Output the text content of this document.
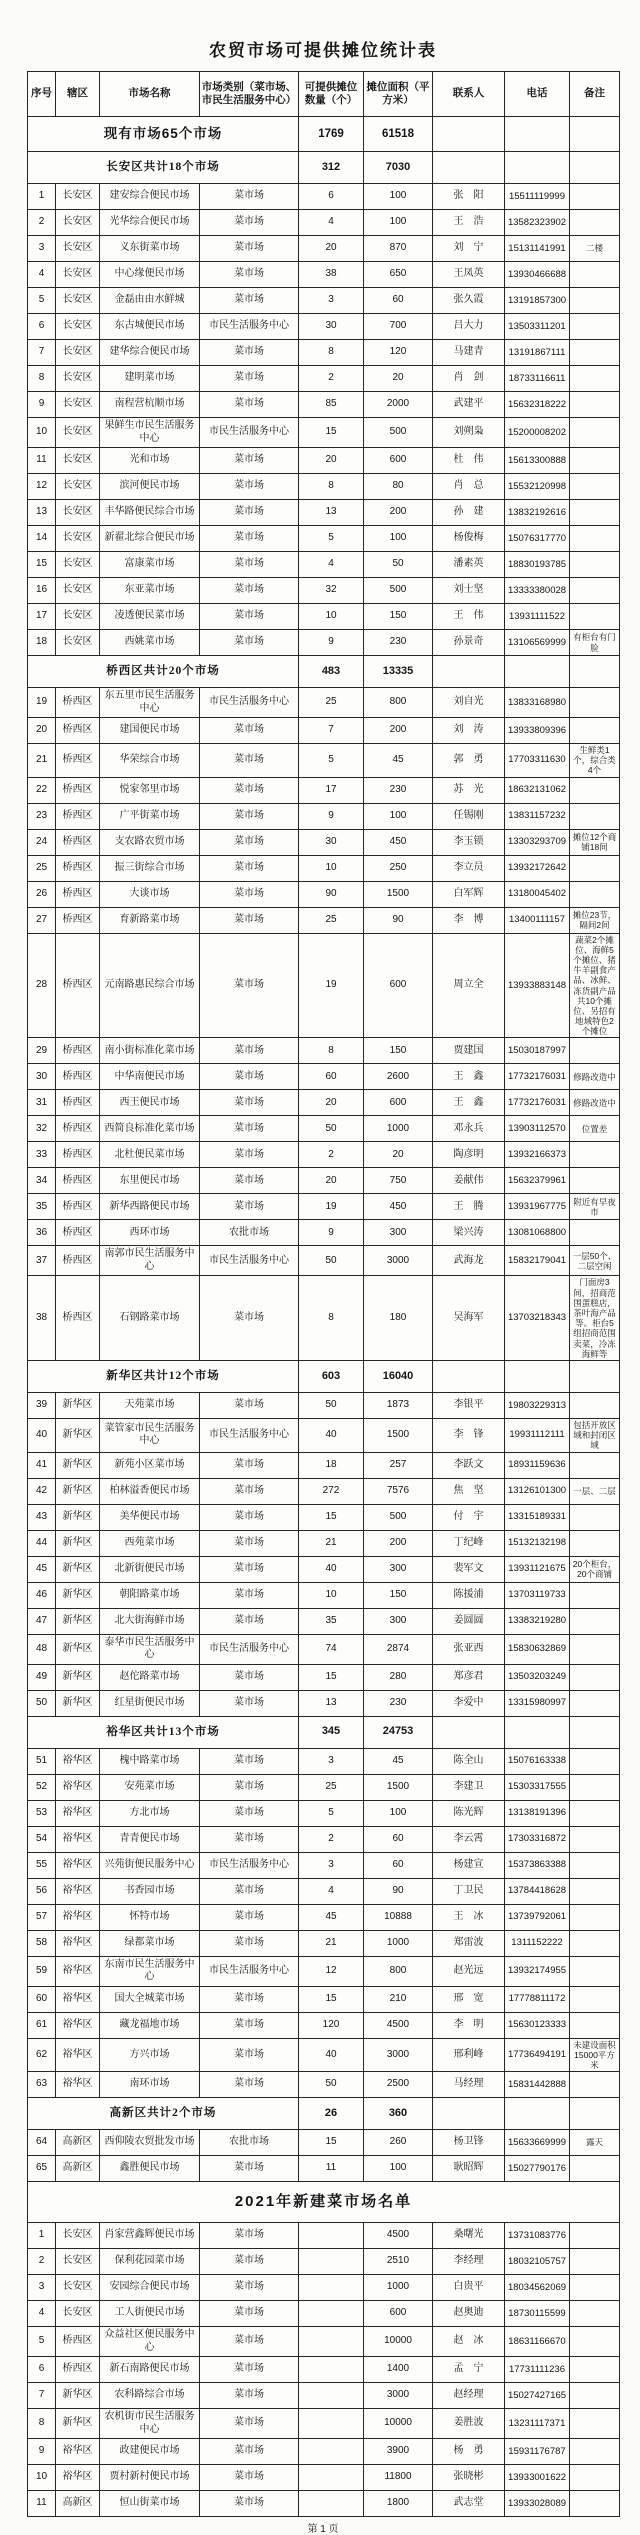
农贸市场可提供摊位统计表
序号	辖区	市场名称	市场类别（菜市场、市民生活服务中心）	可提供摊位数量（个）	摊位面积（平方米）	联系人	电话	备注
现有市场65个市场				1769	61518			
长安区共计18个市场				312	7030			
1	长安区	建安综合便民市场	菜市场	6	100	张　阳	15511119999	
2	长安区	光华综合便民市场	菜市场	4	100	王　浩	13582323902	
3	长安区	义东街菜市场	菜市场	20	870	刘　宁	15131141991	二楼
4	长安区	中心缘便民市场	菜市场	38	650	王凤英	13930466688	
5	长安区	金磊由由水鲜城	菜市场	3	60	张久霞	13191857300	
6	长安区	东古城便民市场	市民生活服务中心	30	700	吕大力	13503311201	
7	长安区	建华综合便民市场	菜市场	8	120	马建青	13191867111	
8	长安区	建明菜市场	菜市场	2	20	肖　剑	18733116611	
9	长安区	南程营杭顺市场	菜市场	85	2000	武建平	15632318222	
10	长安区	果鲜生市民生活服务中心	市民生活服务中心	15	500	刘朔枭	15200008202	
11	长安区	光和市场	菜市场	20	600	杜　伟	15613300888	
12	长安区	滨河便民市场	菜市场	8	80	肖　总	15532120998	
13	长安区	丰华路便民综合市场	菜市场	13	200	孙　建	13832192616	
14	长安区	新翟北综合便民市场	菜市场	5	100	杨俊梅	15076317770	
15	长安区	富康菜市场	菜市场	4	50	潘素英	18830193785	
16	长安区	东亚菜市场	菜市场	32	500	刘士坚	13333380028	
17	长安区	凌透便民菜市场	菜市场	10	150	王　伟	13931111522	
18	长安区	西姚菜市场	菜市场	9	230	孙景奇	13106569999	有柜台有门脸
桥西区共计20个市场				483	13335			
19	桥西区	东五里市民生活服务中心	市民生活服务中心	25	800	刘自光	13833168980	
20	桥西区	建国便民市场	菜市场	7	200	刘　涛	13933809396	
21	桥西区	华荣综合市场	菜市场	5	45	郭　勇	17703311630	生鲜类1个，综合类4个
22	桥西区	悦家邻里市场	菜市场	17	230	苏　光	18632131062	
23	桥西区	广平街菜市场	菜市场	9	100	任锡刚	13831157232	
24	桥西区	支农路农贸市场	菜市场	30	450	李玉锁	13303293709	摊位12个商铺18间
25	桥西区	振三街综合市场	菜市场	10	250	李立员	13932172642	
26	桥西区	大谈市场	菜市场	90	1500	白军辉	13180045402	
27	桥西区	育新路菜市场	菜市场	25	90	李　博	13400111157	摊位23节，隔间2间
28	桥西区	元南路惠民综合市场	菜市场	19	600	周立全	13933883148	蔬菜2个摊位、海鲜5个摊位、猪牛羊副食产品、冰鲜、冻货副产品共10个摊位、另招有地域特色2个摊位
29	桥西区	南小街标准化菜市场	菜市场	8	150	贾建国	15030187997	
30	桥西区	中华南便民市场	菜市场	60	2600	王　鑫	17732176031	修路改造中
31	桥西区	西王便民市场	菜市场	20	600	王　鑫	17732176031	修路改造中
32	桥西区	西简良标准化菜市场	菜市场	50	1000	邓永兵	13903112570	位置差
33	桥西区	北杜便民菜市场	菜市场	2	20	陶彦明	13932166373	
34	桥西区	东里便民市场	菜市场	20	750	姜献伟	15632379961	
35	桥西区	新华西路便民市场	菜市场	19	450	王　腾	13931967775	附近有早夜市
36	桥西区	西环市场	农批市场	9	300	梁兴涛	13081068800	
37	桥西区	南郭市民生活服务中心	市民生活服务中心	50	3000	武海龙	15832179041	一层50个、二层空闲
38	桥西区	石钢路菜市场	菜市场	8	180	吴海军	13703218343	门面房3间，招商范围蛋糕店，茶叶海产品等。柜台5组招商范围卖菜，冷冻海鲜等
新华区共计12个市场				603	16040			
39	新华区	天苑菜市场	菜市场	50	1873	李银平	19803229313	
40	新华区	菜管家市民生活服务中心	市民生活服务中心	40	1500	李　锋	19931112111	包括开放区域和封闭区域
41	新华区	新苑小区菜市场	菜市场	18	257	李跃文	18931159636	
42	新华区	柏林溢香便民市场	菜市场	272	7576	焦　坚	13126101300	一层、二层
43	新华区	美华便民市场	菜市场	15	500	付　宇	13315189331	
44	新华区	西苑菜市场	菜市场	21	200	丁纪峰	15132132198	
45	新华区	北新街便民市场	菜市场	40	300	裴军文	13931121675	20个柜台，20个商铺
46	新华区	朝阳路菜市场	菜市场	10	150	陈援浦	13703119733	
47	新华区	北大街海鲜市场	菜市场	35	300	姜圆圆	13383219280	
48	新华区	泰华市民生活服务中心	市民生活服务中心	74	2874	张亚西	15830632869	
49	新华区	赵佗路菜市场	菜市场	15	280	郑彦君	13503203249	
50	新华区	红星街便民市场	菜市场	13	230	李爱中	13315980997	
裕华区共计13个市场				345	24753			
51	裕华区	槐中路菜市场	菜市场	3	45	陈全山	15076163338	
52	裕华区	安苑菜市场	菜市场	25	1500	李建卫	15303317555	
53	裕华区	方北市场	菜市场	5	100	陈光辉	13138191396	
54	裕华区	青青便民市场	菜市场	2	60	李云霄	17303316872	
55	裕华区	兴苑街便民服务中心	市民生活服务中心	3	60	杨建宣	15373863388	
56	裕华区	书香园市场	菜市场	4	90	丁卫民	13784418628	
57	裕华区	怀特市场	菜市场	45	10888	王　冰	13739792061	
58	裕华区	绿都菜市场	菜市场	21	1000	郑雷波	1311152222	
59	裕华区	东南市民生活服务中心	市民生活服务中心	12	800	赵光远	13932174955	
60	裕华区	国大全城菜市场	菜市场	15	210	邢　宽	17778811172	
61	裕华区	藏龙福地市场	菜市场	120	4500	李　明	15630123333	
62	裕华区	方兴市场	菜市场	40	3000	邢利峰	17736494191	未建设面积15000平方米
63	裕华区	南环市场	菜市场	50	2500	马经理	15831442888	
高新区共计2个市场				26	360			
64	高新区	西仰陵农贸批发市场	农批市场	15	260	杨卫锋	15633669999	露天
65	高新区	鑫胜便民市场	菜市场	11	100	耿昭辉	15027790176	
2021年新建菜市场名单								
1	长安区	肖家营鑫辉便民市场	菜市场		4500	桑曙光	13731083776	
2	长安区	保利花园菜市场	菜市场		2510	李经理	18032105757	
3	长安区	安园综合便民市场	菜市场		1000	白贵平	18034562069	
4	长安区	工人街便民市场	菜市场		600	赵奥迪	18730115599	
5	桥西区	众益社区便民服务中心	菜市场		10000	赵　冰	18631166670	
6	桥西区	新石南路便民市场	菜市场		1400	孟　宁	17731111236	
7	新华区	农科路综合市场	菜市场		3000	赵经理	15027427165	
8	新华区	农机街市民生活服务中心	菜市场		10000	姜胜波	13231117371	
9	裕华区	政建便民市场	菜市场		3900	杨　勇	15931176787	
10	裕华区	贾村新村便民市场	菜市场		11800	张晓彬	13933001622	
11	高新区	恒山街菜市场	菜市场		1800	武志堂	13933028089	
第 1 页
